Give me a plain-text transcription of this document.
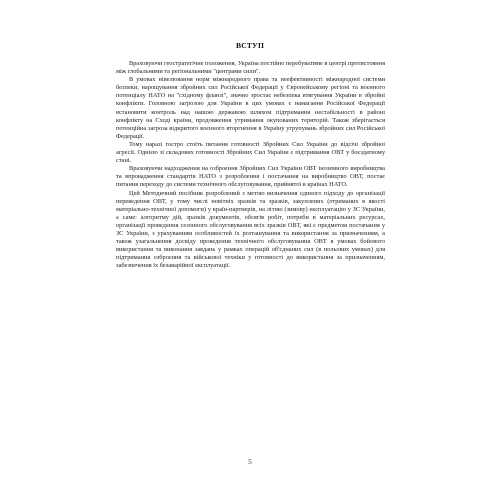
ВСТУП

Враховуючи геостратегічне положення, Україна постійно перебуватиме в центрі протистояння між глобальними та регіональними "центрами сили".

В умовах нівелювання норм міжнародного права та неефективності міжнародної системи безпеки, нарощування збройних сил Російської Федерації у Європейському регіоні та воєнного потенціалу НАТО на "східному фланзі", значно зростає небезпека втягування України в збройні конфлікти. Головною загрозою для України в цих умовах є намагання Російської Федерації встановити контроль над нашою державою шляхом підтримання нестабільності в районі конфлікту на Сході країни, продовження утримання окупованих територій. Також зберігається потенційна загроза відкритого воєнного вторгнення в Україну угрупувань збройних сил Російської Федерації.

Тому наразі гостро стоїть питання готовності Збройних Сил України до відсічі збройної агресії. Однією зі складових готовності Збройних Сил України є підтримання ОВТ у боєздатному стані.

Враховуючи надходження на озброєння Збройних Сил України ОВТ іноземного виробництва та впровадження стандартів НАТО з розроблення і постачання на виробництво ОВТ, постає питання переходу до системи технічного обслуговування, прийнятої в країнах НАТО.

Цей Методичний посібник розроблений з метою визначення єдиного підходу до організації переведення ОВТ, у тому числі новітніх зразків та зразків, закуплених (отриманих в якості матеріально-технічної допомоги) у країн-партнерів, на літню (зимову) експлуатацію у ЗС України, а саме: алгоритму дій, зразків документів, обсягів робіт, потреби в матеріальних ресурсах, організації проведення сезонного обслуговування всіх зразків ОВТ, які є предметом постачання у ЗС України, з урахуванням особливостей їх розташування та використання за призначенням, а також узагальнення досвіду проведення технічного обслуговування ОВТ в умовах бойового використання та виконання завдань у рамках операцій об'єднаних сил (в польових умовах) для підтримання озброєння та військової техніки у готовності до використання за призначенням, забезпечення їх безаварійної експлуатації.

5
